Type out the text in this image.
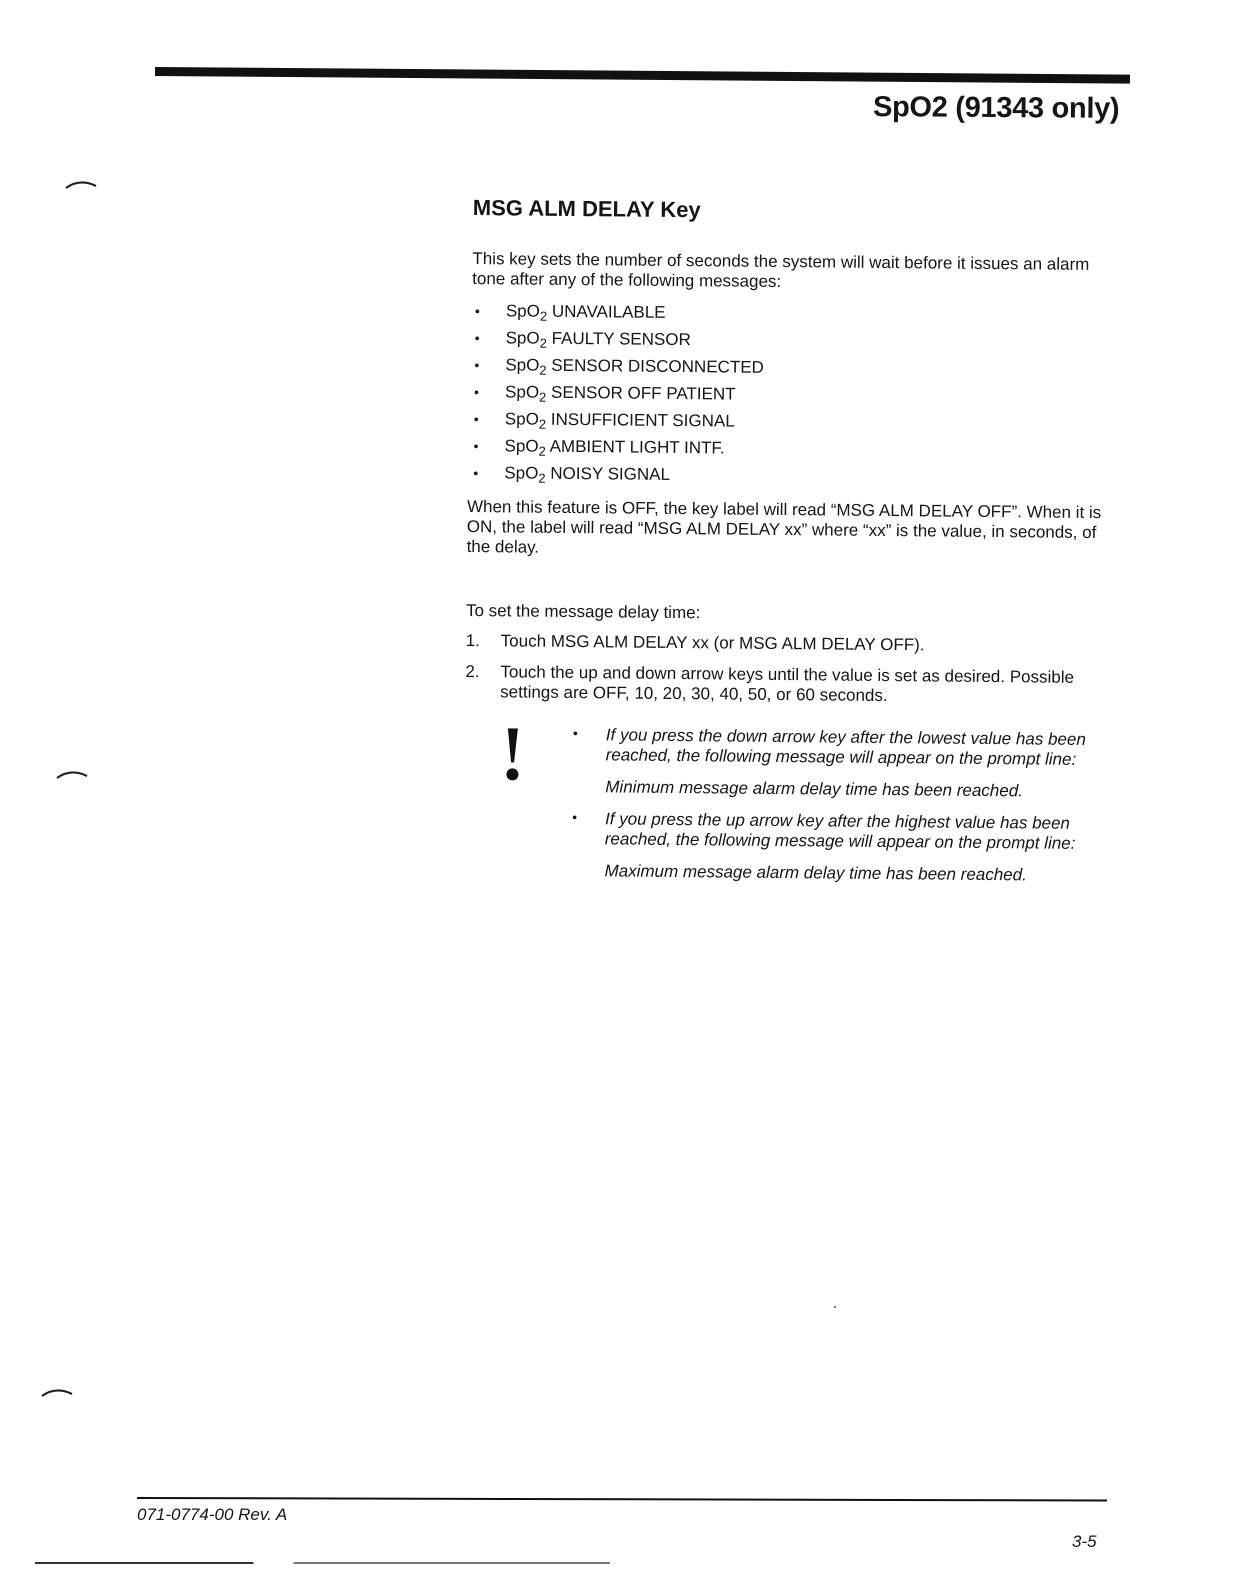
SpO2 (91343 only)
MSG ALM DELAY Key

This key sets the number of seconds the system will wait before it issues an alarm tone after any of the following messages:

• SpO$_2$ UNAVAILABLE
• SpO$_2$ FAULTY SENSOR
• SpO$_2$ SENSOR DISCONNECTED
• SpO$_2$ SENSOR OFF PATIENT
• SpO$_2$ INSUFFICIENT SIGNAL
• SpO$_2$ AMBIENT LIGHT INTF.
• SpO$_2$ NOISY SIGNAL

When this feature is OFF, the key label will read “MSG ALM DELAY OFF”. When it is ON, the label will read “MSG ALM DELAY xx” where “xx” is the value, in seconds, of the delay.

To set the message delay time:

1. Touch MSG ALM DELAY xx (or MSG ALM DELAY OFF).
2. Touch the up and down arrow keys until the value is set as desired. Possible settings are OFF, 10, 20, 30, 40, 50, or 60 seconds.
• If you press the down arrow key after the lowest value has been reached, the following message will appear on the prompt line:

Minimum message alarm delay time has been reached.

• If you press the up arrow key after the highest value has been reached, the following message will appear on the prompt line:

Maximum message alarm delay time has been reached.

071-0774-00 Rev. A
3-5
